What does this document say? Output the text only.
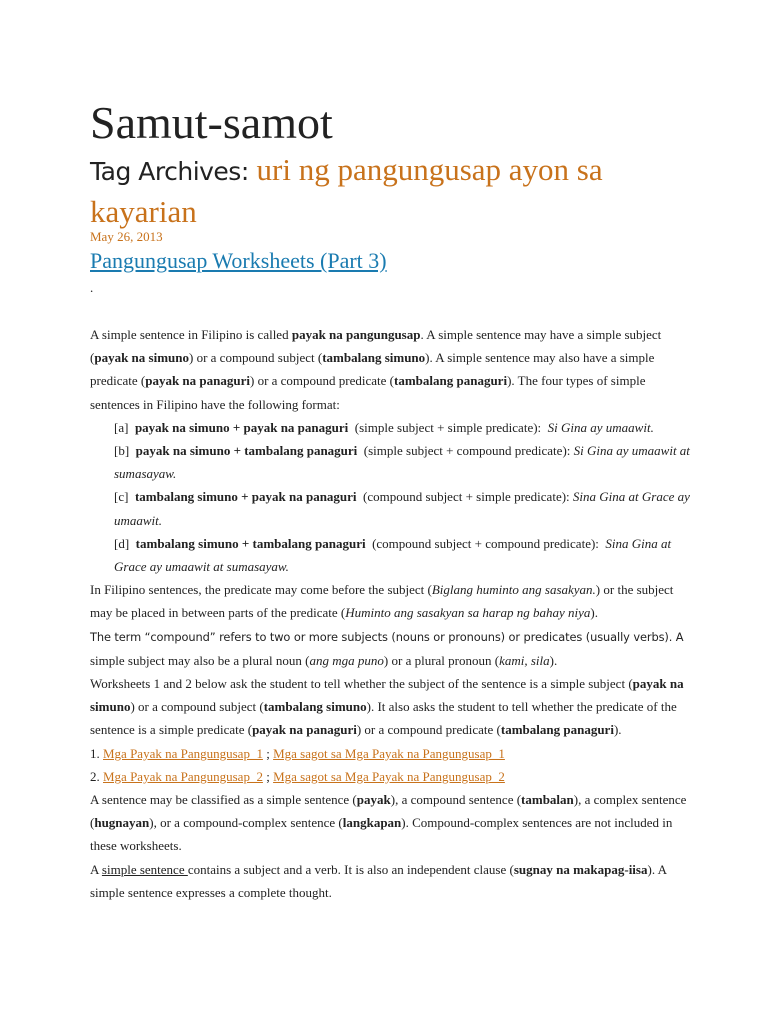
Samut-samot
Tag Archives: uri ng pangungusap ayon sa kayarian
May 26, 2013
Pangungusap Worksheets (Part 3)
.

A simple sentence in Filipino is called payak na pangungusap. A simple sentence may have a simple subject (payak na simuno) or a compound subject (tambalang simuno). A simple sentence may also have a simple predicate (payak na panaguri) or a compound predicate (tambalang panaguri). The four types of simple sentences in Filipino have the following format:

[a] payak na simuno + payak na panaguri (simple subject + simple predicate): Si Gina ay umaawit.

[b] payak na simuno + tambalang panaguri (simple subject + compound predicate): Si Gina ay umaawit at sumasayaw.

[c] tambalang simuno + payak na panaguri (compound subject + simple predicate): Sina Gina at Grace ay umaawit.

[d] tambalang simuno + tambalang panaguri (compound subject + compound predicate): Sina Gina at Grace ay umaawit at sumasayaw.

In Filipino sentences, the predicate may come before the subject (Biglang huminto ang sasakyan.) or the subject may be placed in between parts of the predicate (Huminto ang sasakyan sa harap ng bahay niya).

The term “compound” refers to two or more subjects (nouns or pronouns) or predicates (usually verbs). A simple subject may also be a plural noun (ang mga puno) or a plural pronoun (kami, sila).

Worksheets 1 and 2 below ask the student to tell whether the subject of the sentence is a simple subject (payak na simuno) or a compound subject (tambalang simuno). It also asks the student to tell whether the predicate of the sentence is a simple predicate (payak na panaguri) or a compound predicate (tambalang panaguri).

1. Mga Payak na Pangungusap_1 ; Mga sagot sa Mga Payak na Pangungusap_1

2. Mga Payak na Pangungusap_2 ; Mga sagot sa Mga Payak na Pangungusap_2

A sentence may be classified as a simple sentence (payak), a compound sentence (tambalan), a complex sentence (hugnayan), or a compound-complex sentence (langkapan). Compound-complex sentences are not included in these worksheets.

A simple sentence contains a subject and a verb. It is also an independent clause (sugnay na makapag-iisa). A simple sentence expresses a complete thought.
